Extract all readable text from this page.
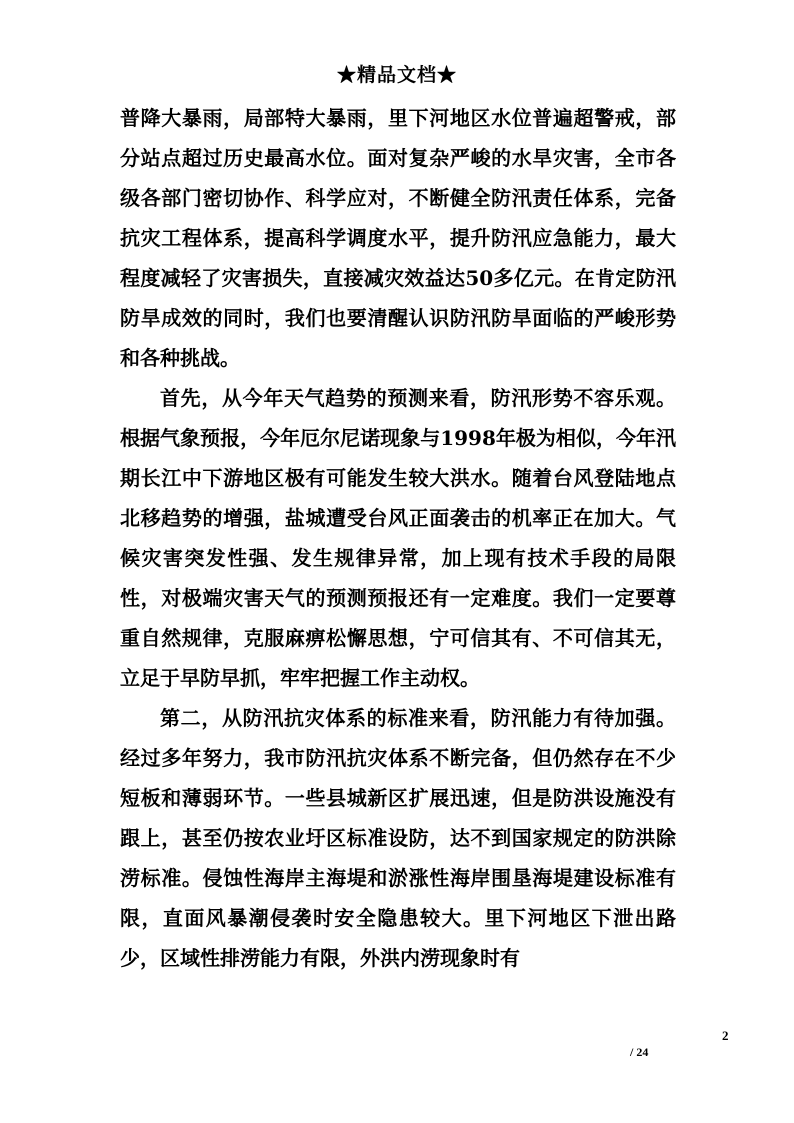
★精品文档★

普降大暴雨，局部特大暴雨，里下河地区水位普遍超警戒，部分站点超过历史最高水位。面对复杂严峻的水旱灾害，全市各级各部门密切协作、科学应对，不断健全防汛责任体系，完备抗灾工程体系，提高科学调度水平，提升防汛应急能力，最大程度减轻了灾害损失，直接减灾效益达50多亿元。在肯定防汛防旱成效的同时，我们也要清醒认识防汛防旱面临的严峻形势和各种挑战。

首先，从今年天气趋势的预测来看，防汛形势不容乐观。根据气象预报，今年厄尔尼诺现象与1998年极为相似，今年汛期长江中下游地区极有可能发生较大洪水。随着台风登陆地点北移趋势的增强，盐城遭受台风正面袭击的机率正在加大。气候灾害突发性强、发生规律异常，加上现有技术手段的局限性，对极端灾害天气的预测预报还有一定难度。我们一定要尊重自然规律，克服麻痹松懈思想，宁可信其有、不可信其无，立足于早防早抓，牢牢把握工作主动权。

第二，从防汛抗灾体系的标准来看，防汛能力有待加强。经过多年努力，我市防汛抗灾体系不断完备，但仍然存在不少短板和薄弱环节。一些县城新区扩展迅速，但是防洪设施没有跟上，甚至仍按农业圩区标准设防，达不到国家规定的防洪除涝标准。侵蚀性海岸主海堤和淤涨性海岸围垦海堤建设标准有限，直面风暴潮侵袭时安全隐患较大。里下河地区下泄出路少，区域性排涝能力有限，外洪内涝现象时有

2
/ 24
